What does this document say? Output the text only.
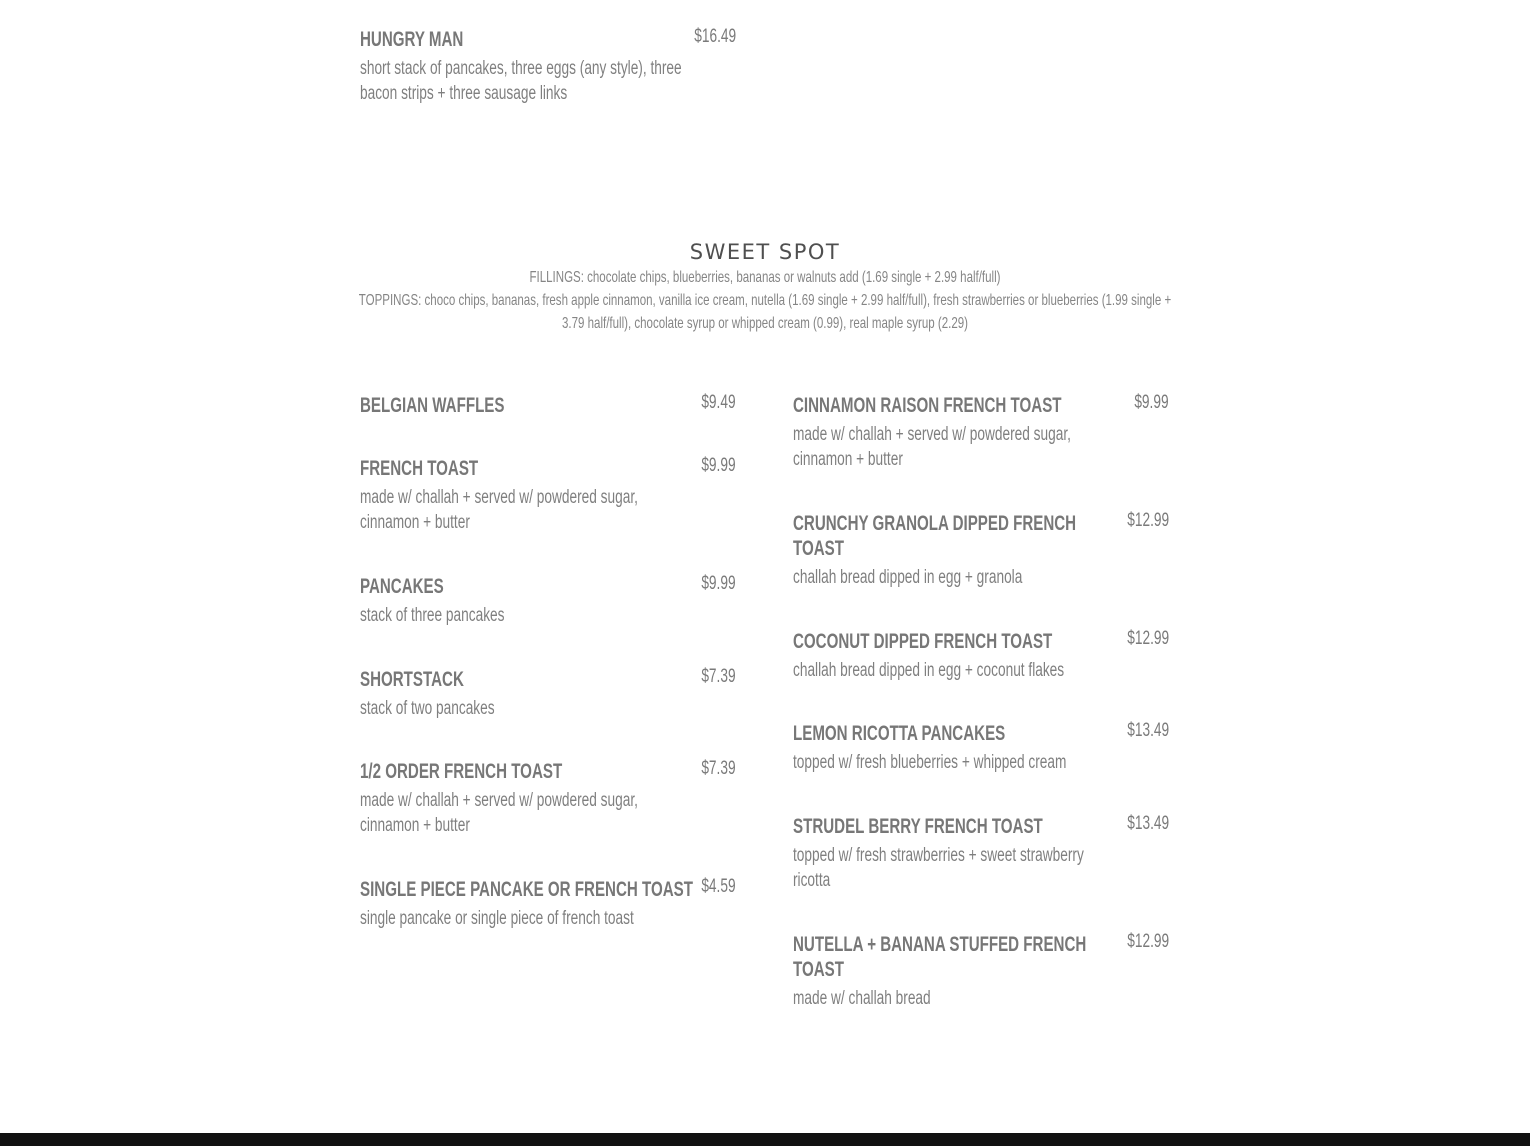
HUNGRY MAN	$16.49
short stack of pancakes, three eggs (any style), three
bacon strips + three sausage links
SWEET SPOT
FILLINGS: chocolate chips, blueberries, bananas or walnuts add (1.69 single + 2.99 half/full)
TOPPINGS: choco chips, bananas, fresh apple cinnamon, vanilla ice cream, nutella (1.69 single + 2.99 half/full), fresh strawberries or blueberries (1.99 single +
3.79 half/full), chocolate syrup or whipped cream (0.99), real maple syrup (2.29)
BELGIAN WAFFLES	$9.49
FRENCH TOAST	$9.99
made w/ challah + served w/ powdered sugar,
cinnamon + butter
PANCAKES	$9.99
stack of three pancakes
SHORTSTACK	$7.39
stack of two pancakes
1/2 ORDER FRENCH TOAST	$7.39
made w/ challah + served w/ powdered sugar,
cinnamon + butter
SINGLE PIECE PANCAKE OR FRENCH TOAST $4.59
single pancake or single piece of french toast
CINNAMON RAISON FRENCH TOAST	$9.99
made w/ challah + served w/ powdered sugar,
cinnamon + butter
CRUNCHY GRANOLA DIPPED FRENCH
TOAST
$12.99
challah bread dipped in egg + granola
COCONUT DIPPED FRENCH TOAST	$12.99
challah bread dipped in egg + coconut flakes
LEMON RICOTTA PANCAKES	$13.49
topped w/ fresh blueberries + whipped cream
STRUDEL BERRY FRENCH TOAST	$13.49
topped w/ fresh strawberries + sweet strawberry
ricotta
NUTELLA + BANANA STUFFED FRENCH
TOAST
$12.99
made w/ challah bread
